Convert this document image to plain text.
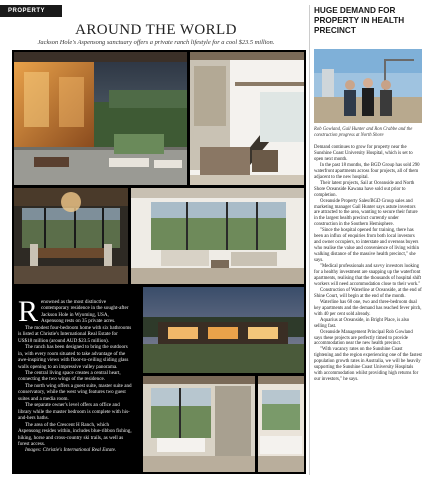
PROPERTY
AROUND THE WORLD
Jackson Hole's Aspensong sanctuary offers a private ranch lifestyle for a cool $23.5 million.
R enowned as the most distinctive contemporary residence in the sought-after Jackson Hole in Wyoming, USA, Aspensong rests on 35 private acres.

The modest four-bedroom home with six bathrooms is listed at Christie's International Real Estate for US$18 million (around AUD $23.5 million).

The ranch has been designed to bring the outdoors in, with every room situated to take advantage of the awe-inspiring views with floor-to-ceiling sliding glass walls opening to an impressive valley panorama.

The central living space creates a central heart, connecting the two wings of the residence.

The north wing offers a guest suite, master suite and conservatory, while the west wing features two guest suites and a media room.

The separate owner's level offers an office and library while the master bedroom is complete with his-and-hers baths.

The area of the Crescent H Ranch, which Aspensong resides within, includes blue-ribbon fishing, hiking, horse and cross-country ski trails, as well as forest access.

Images: Christie's International Real Estate.

HUGE DEMAND FOR PROPERTY IN HEALTH PRECINCT
Rob Gowland, Gail Hunter and Ron Crabbe and the construction progress at North Shore

Demand continues to grow for property near the Sunshine Coast University Hospital, which is set to open next month.

In the past 18 months, the BGD Group has sold 290 waterfront apartments across four projects, all of them adjacent to the new hospital.

Their latest projects, Sail at Oceanside and North Shore Oceanside Kawana have sold out prior to completion.

Oceanside Property Sales/BGD Group sales and marketing manager Gail Hunter says astute investors are attracted to the area, wanting to secure their future in the largest health precinct currently under construction in the Southern Hemisphere.

"Since the hospital opened for training, there has been an influx of enquiries from both local investors and owner occupiers, to interstate and overseas buyers who realise the value and convenience of living within walking distance of the massive health precinct," she says.

"Medical professionals and savvy investors looking for a healthy investment are snapping up the waterfront apartments, realising that the thousands of hospital shift workers will need accommodation close to their work."

Construction of Waterline at Oceanside, at the end of Shine Court, will begin at the end of the month.

Waterline has 60 one, two and three-bedroom dual key apartments and the demand has reached fever pitch, with 40 per cent sold already.

Aquarius at Oceanside, in Bright Place, is also selling fast.

Oceanside Management Principal Rob Gowland says these projects are perfectly timed to provide accommodation near the new health precinct.

"With vacancy rates on the Sunshine Coast tightening and the region experiencing one of the fastest population growth rates in Australia, we will be heavily supporting the Sunshine Coast University Hospitals with accommodation whilst providing high returns for our investors," he says.
